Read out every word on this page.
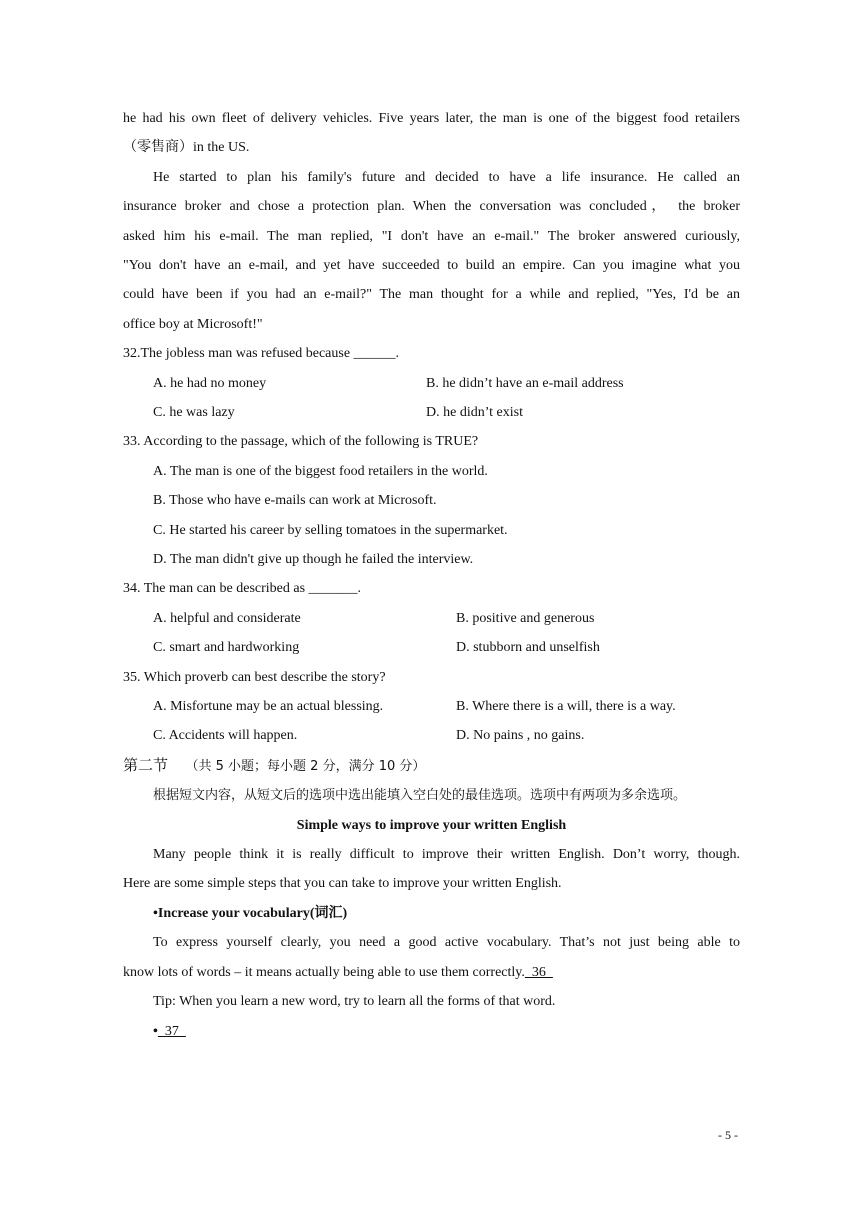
he had his own fleet of delivery vehicles. Five years later, the man is one of the biggest food retailers
（零售商）in the US.
He started to plan his family's future and decided to have a life insurance. He called an
insurance broker and chose a protection plan. When the conversation was concluded， the broker
asked him his e-mail. The man replied, "I don't have an e-mail." The broker answered curiously,
"You don't have an e-mail, and yet have succeeded to build an empire. Can you imagine what you
could have been if you had an e-mail?" The man thought for a while and replied, "Yes, I'd be an
office boy at Microsoft!"
32.The jobless man was refused because ______.
A. he had no money	B. he didn’t have an e-mail address
C. he was lazy	D. he didn’t exist
33. According to the passage, which of the following is TRUE?
A. The man is one of the biggest food retailers in the world.
B. Those who have e-mails can work at Microsoft.
C. He started his career by selling tomatoes in the supermarket.
D. The man didn't give up though he failed the interview.
34. The man can be described as _______.
A. helpful and considerate	B. positive and generous
C. smart and hardworking	D. stubborn and unselfish
35. Which proverb can best describe the story?
A. Misfortune may be an actual blessing.	B. Where there is a will, there is a way.
C. Accidents will happen.	D. No pains , no gains.
第二节 （共 5 小题；每小题 2 分，满分 10 分）
根据短文内容，从短文后的选项中选出能填入空白处的最佳选项。选项中有两项为多余选项。
Simple ways to improve your written English
Many people think it is really difficult to improve their written English. Don’t worry, though.
Here are some simple steps that you can take to improve your written English.
•Increase your vocabulary(词汇)
To express yourself clearly, you need a good active vocabulary. That’s not just being able to
know lots of words – it means actually being able to use them correctly.  36
Tip: When you learn a new word, try to learn all the forms of that word.
•  37
- 5 -
